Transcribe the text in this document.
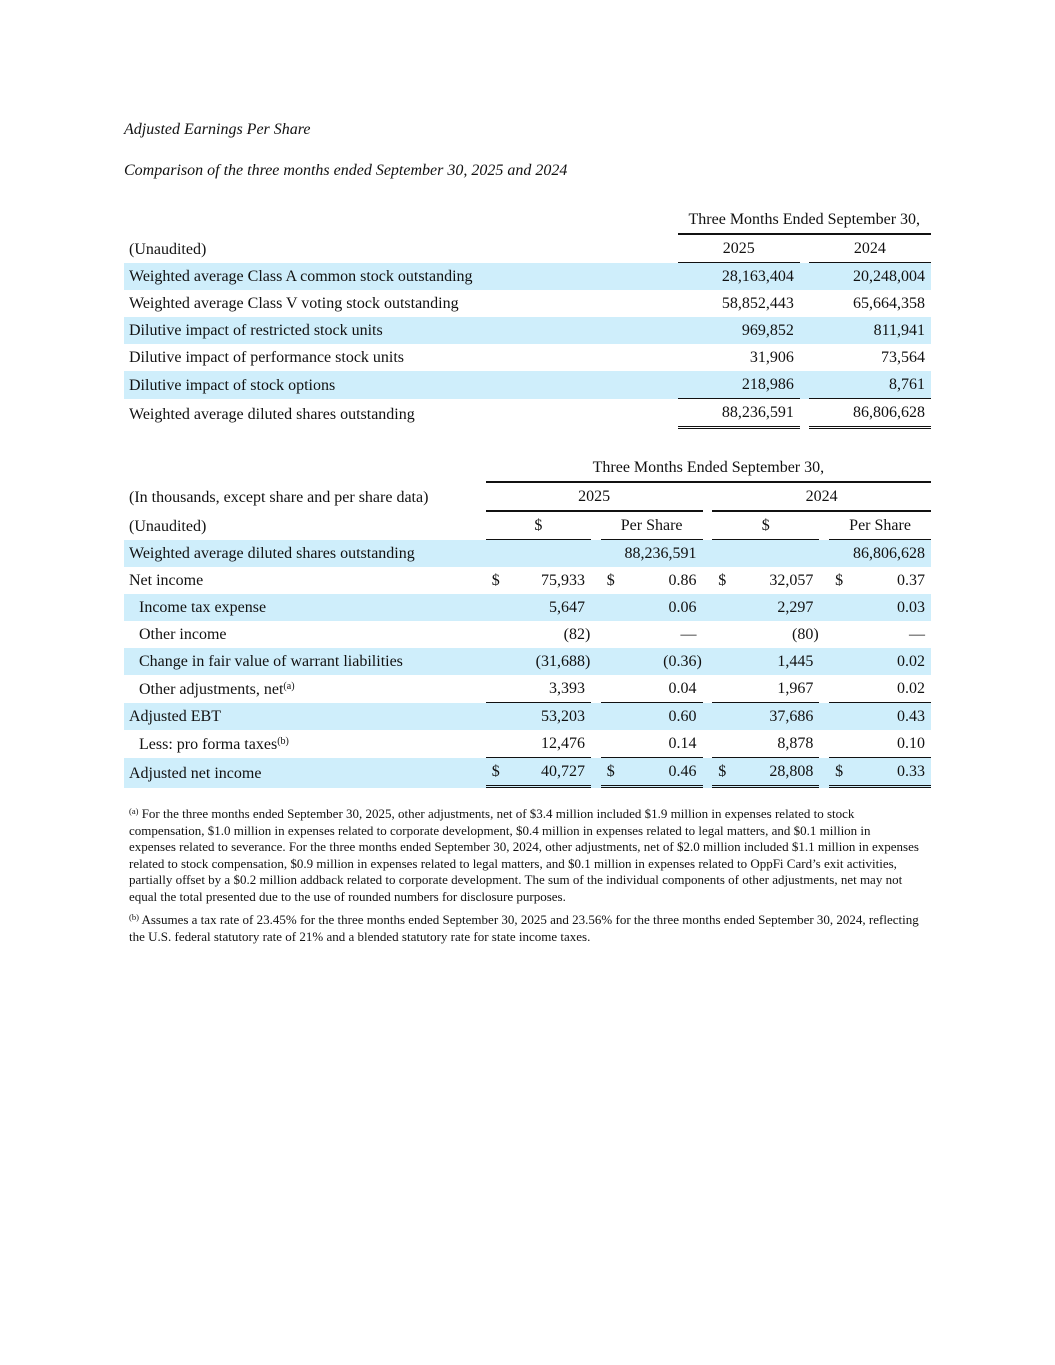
Adjusted Earnings Per Share
Comparison of the three months ended September 30, 2025 and 2024
		Three Months Ended September 30,		
(Unaudited)		2025		2024
Weighted average Class A common stock outstanding		28,163,404		20,248,004
Weighted average Class V voting stock outstanding		58,852,443		65,664,358
Dilutive impact of restricted stock units		969,852		811,941
Dilutive impact of performance stock units		31,906		73,564
Dilutive impact of stock options		218,986		8,761
Weighted average diluted shares outstanding		88,236,591		86,806,628
	Three Months Ended September 30,										
(In thousands, except share and per share data)	2025						2024				
(Unaudited)	$			Per Share			$			Per Share	
Weighted average diluted shares outstanding					88,236,591						86,806,628
Net income	$	75,933		$	0.86		$	32,057		$	0.37
Income tax expense		5,647			0.06			2,297			0.03
Other income		(82)			—			(80)			—
Change in fair value of warrant liabilities		(31,688)			(0.36)			1,445			0.02
Other adjustments, net$^{(a)}$		3,393			0.04			1,967			0.02
Adjusted EBT		53,203			0.60			37,686			0.43
Less: pro forma taxes$^{(b)}$		12,476			0.14			8,878			0.10
Adjusted net income	$	40,727		$	0.46		$	28,808		$	0.33
$^{(a)}$ For the three months ended September 30, 2025, other adjustments, net of $3.4 million included $1.9 million in expenses related to stock compensation, $1.0 million in expenses related to corporate development, $0.4 million in expenses related to legal matters, and $0.1 million in expenses related to severance. For the three months ended September 30, 2024, other adjustments, net of $2.0 million included $1.1 million in expenses related to stock compensation, $0.9 million in expenses related to legal matters, and $0.1 million in expenses related to OppFi Card’s exit activities, partially offset by a $0.2 million addback related to corporate development. The sum of the individual components of other adjustments, net may not equal the total presented due to the use of rounded numbers for disclosure purposes.
$^{(b)}$ Assumes a tax rate of 23.45% for the three months ended September 30, 2025 and 23.56% for the three months ended September 30, 2024, reflecting the U.S. federal statutory rate of 21% and a blended statutory rate for state income taxes.
